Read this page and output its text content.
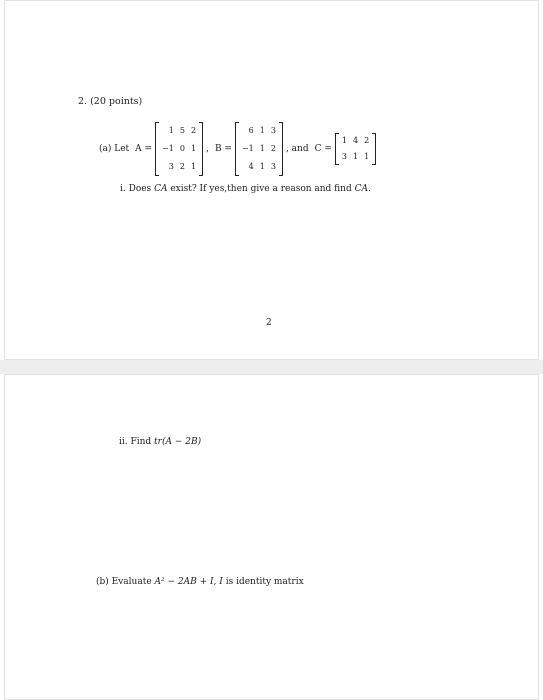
2. (20 points)
(a) Let A =
1	5	2
−1	0	1
3	2	1
, B =
6	1	3
−1	1	2
4	1	3
, and C =
1	4	2
3	1	1
i. Does CA exist? If yes,then give a reason and find CA.
2
ii. Find tr(A − 2B)
(b) Evaluate A² − 2AB + I, I is identity matrix
